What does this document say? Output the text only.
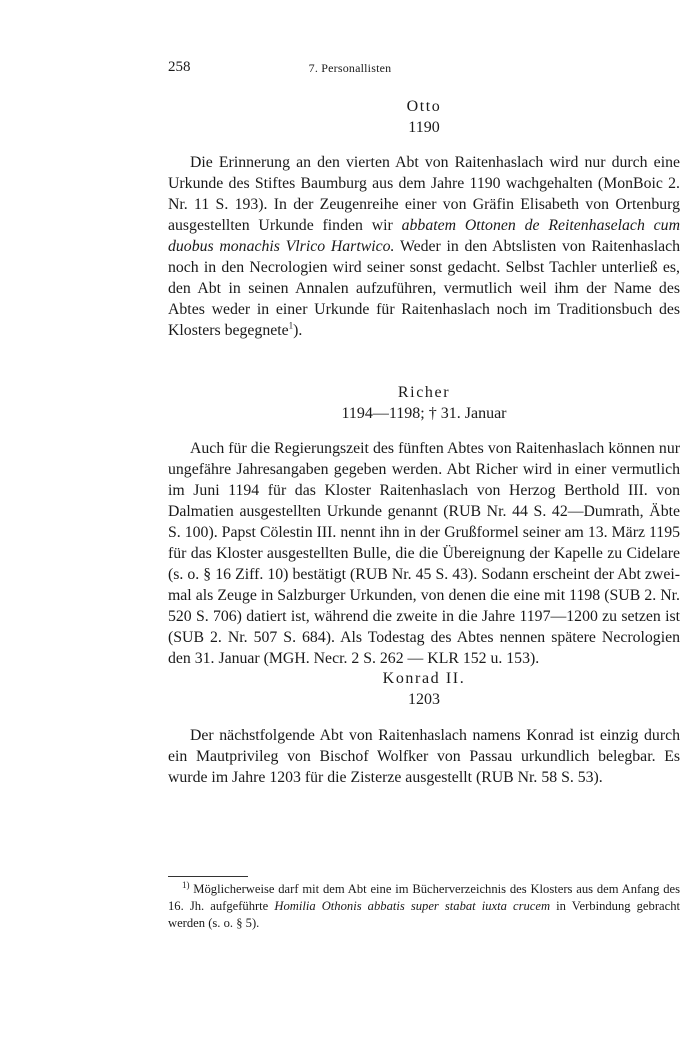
258	7. Personallisten
Otto
1190

Die Erinnerung an den vierten Abt von Raitenhaslach wird nur durch eine Urkunde des Stiftes Baumburg aus dem Jahre 1190 wachgehalten (MonBoic 2. Nr. 11 S. 193). In der Zeugenreihe einer von Gräfin Elisabeth von Ortenburg ausgestellten Urkunde finden wir abbatem Ottonen de Reitenhaselach cum duobus monachis Vlrico Hartwico. Weder in den Abtslisten von Raitenhaslach noch in den Necrologien wird seiner sonst gedacht. Selbst Tachler unterließ es, den Abt in seinen Annalen aufzuführen, vermutlich weil ihm der Name des Abtes weder in einer Urkunde für Raitenhaslach noch im Traditionsbuch des Klosters begegnete$^1$).

Richer
1194—1198; † 31. Januar

Auch für die Regierungszeit des fünften Abtes von Raitenhaslach können nur ungefähre Jahresangaben gegeben werden. Abt Richer wird in einer vermutlich im Juni 1194 für das Kloster Raitenhaslach von Herzog Berthold III. von Dalmatien ausgestellten Urkunde genannt (RUB Nr. 44 S. 42—Dumrath, Äbte S. 100). Papst Cölestin III. nennt ihn in der Grußformel seiner am 13. März 1195 für das Kloster ausgestellten Bulle, die die Übereignung der Kapelle zu Cidelare (s. o. § 16 Ziff. 10) bestätigt (RUB Nr. 45 S. 43). Sodann erscheint der Abt zweimal als Zeuge in Salzburger Urkunden, von denen die eine mit 1198 (SUB 2. Nr. 520 S. 706) datiert ist, während die zweite in die Jahre 1197—1200 zu setzen ist (SUB 2. Nr. 507 S. 684). Als Todestag des Abtes nennen spätere Necrologien den 31. Januar (MGH. Necr. 2 S. 262 — KLR 152 u. 153).

Konrad II.
1203

Der nächstfolgende Abt von Raitenhaslach namens Konrad ist einzig durch ein Mautprivileg von Bischof Wolfker von Passau urkundlich belegbar. Es wurde im Jahre 1203 für die Zisterze ausgestellt (RUB Nr. 58 S. 53).

$^{1)}$ Möglicherweise darf mit dem Abt eine im Bücherverzeichnis des Klosters aus dem Anfang des 16. Jh. aufgeführte Homilia Othonis abbatis super stabat iuxta crucem in Verbindung gebracht werden (s. o. § 5).
